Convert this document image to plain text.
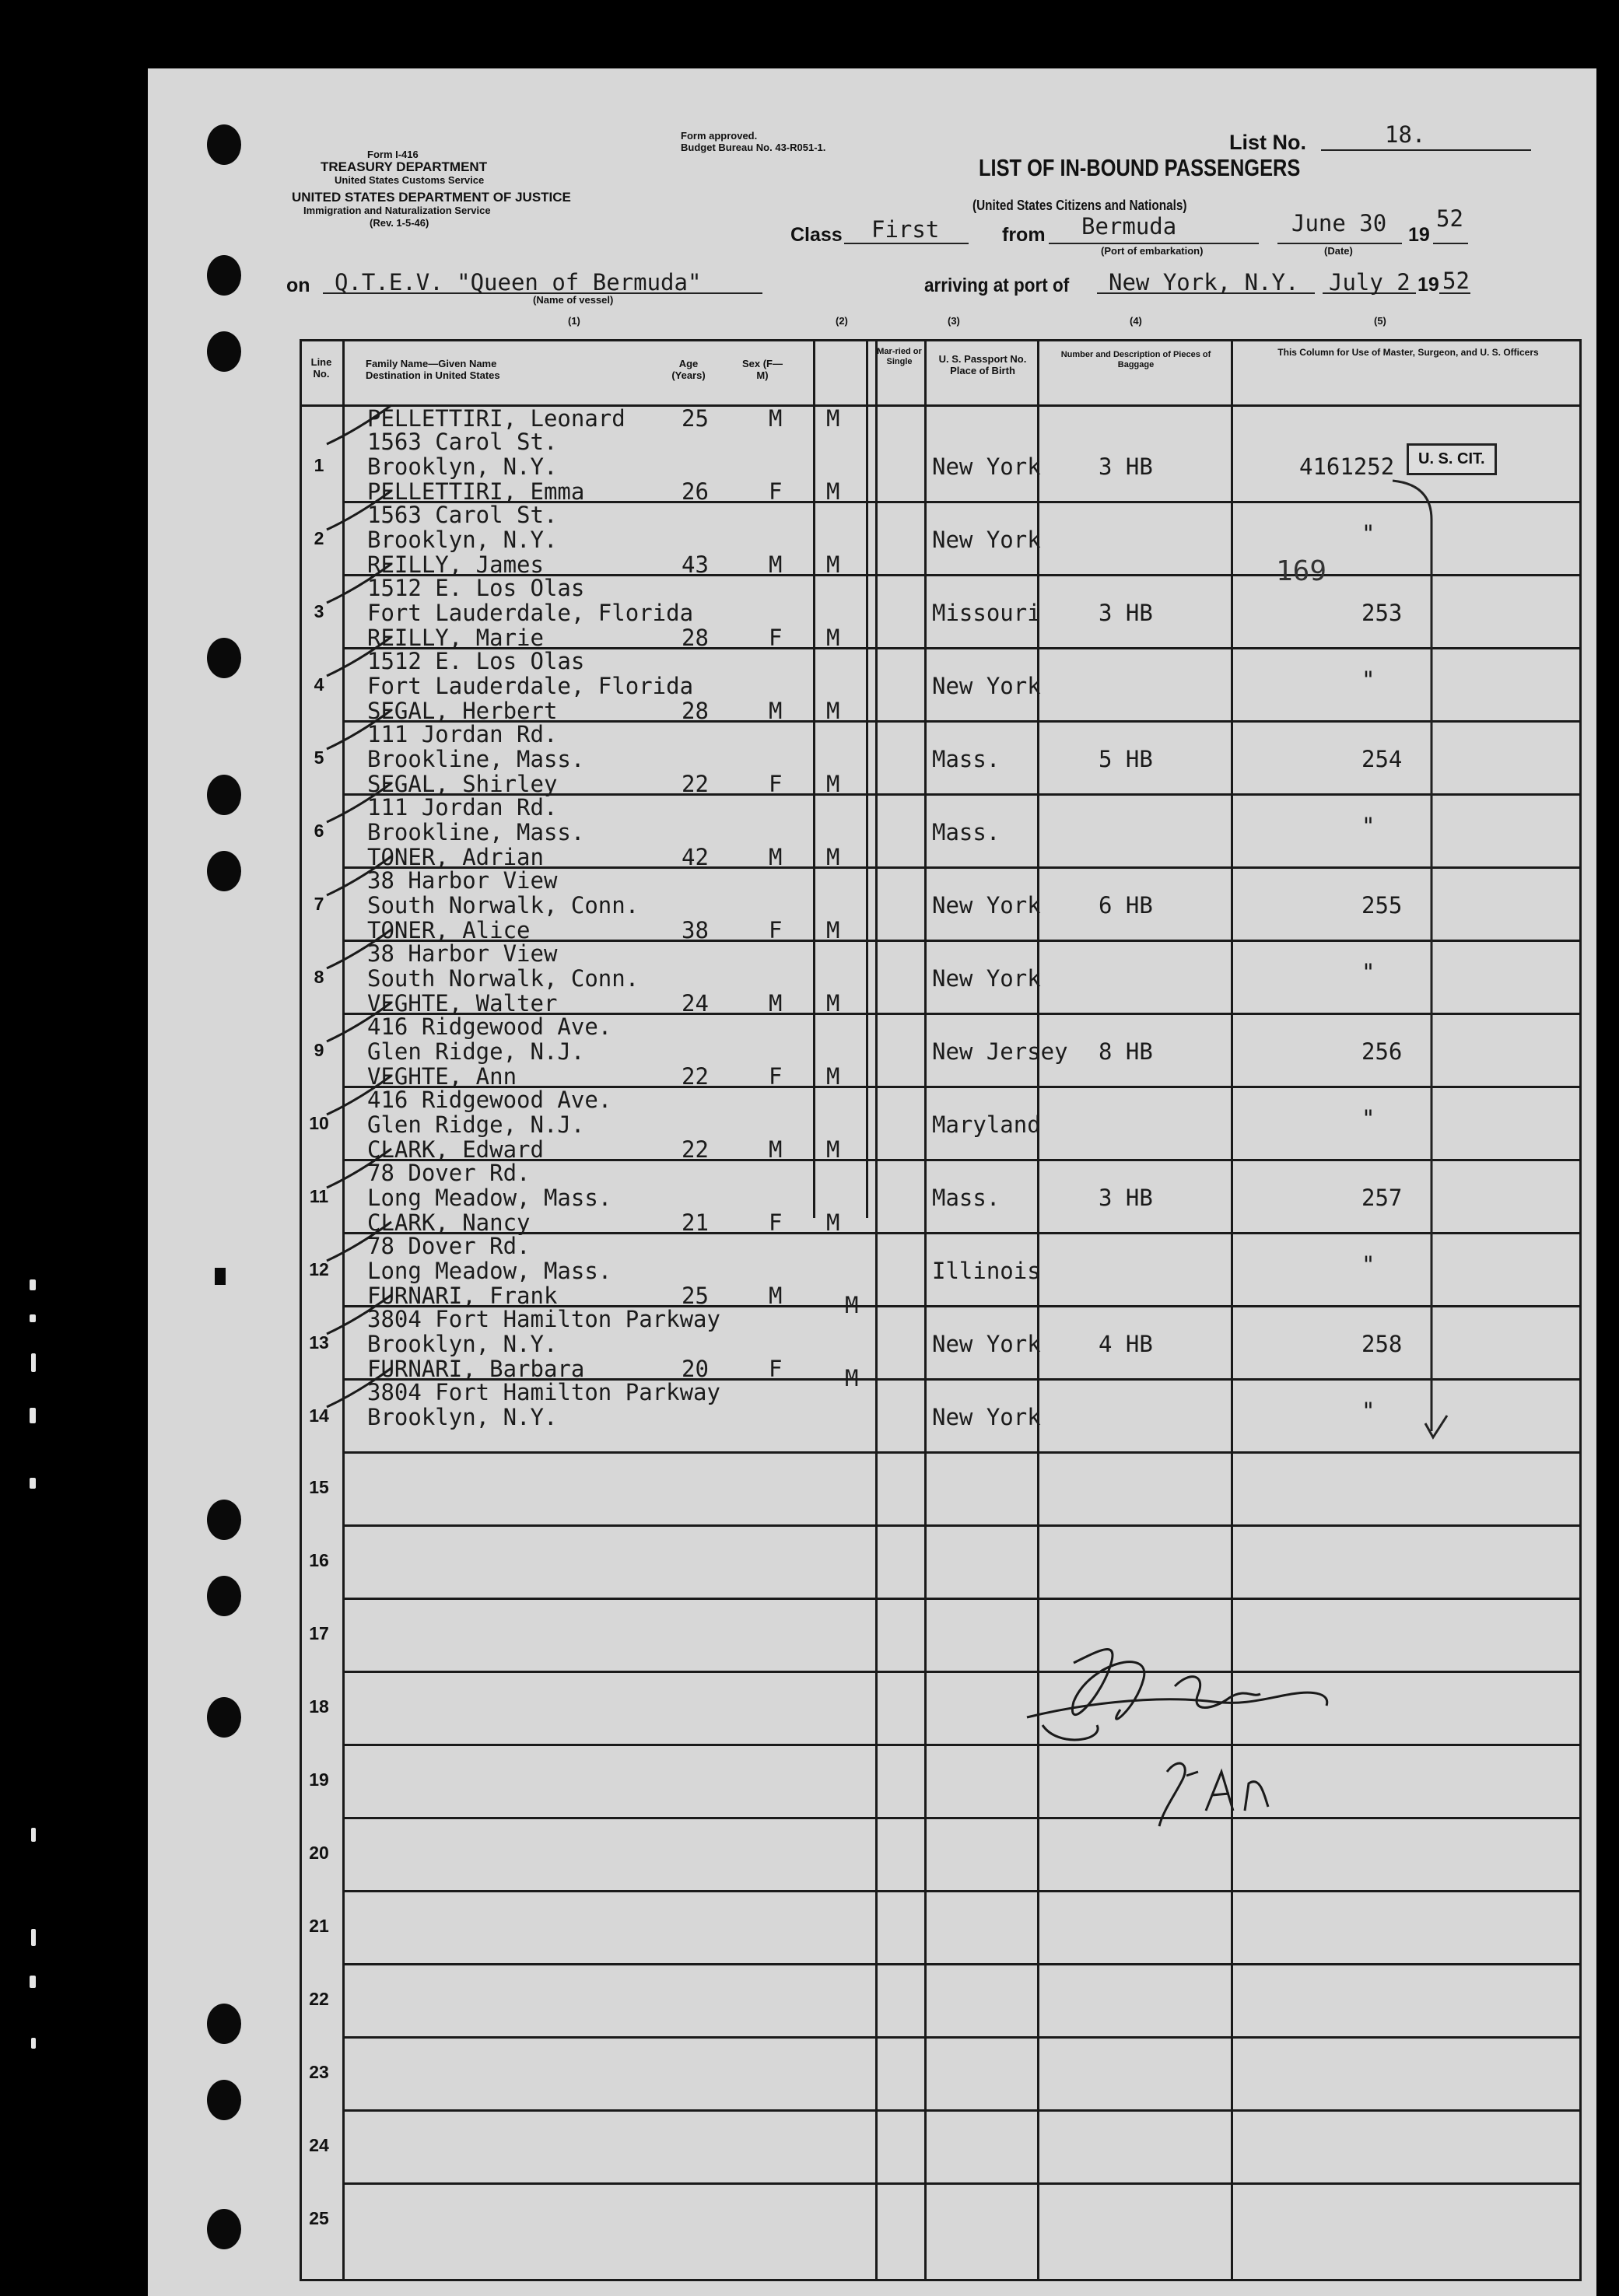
Form I-416
TREASURY DEPARTMENT
United States Customs Service
UNITED STATES DEPARTMENT OF JUSTICE
Immigration and Naturalization Service
(Rev. 1-5-46)
Form approved.
Budget Bureau No. 43-R051-1.
LIST OF IN-BOUND PASSENGERS
(United States Citizens and Nationals)
List No.	18.
Class First	from Bermuda
(Port of embarkation)
June 30 19
52
(Date)
on Q.T.E.V. "Queen of Bermuda"
(Name of vessel)
arriving at port of New York, N.Y. July 2 19 52
(1)	(2)	(3)	(4)	(5)
Line No.
Family Name—Given Name Destination in United States
Age (Years)
Sex (F—M)
Mar-ried or Single	U. S. Passport No. Place of Birth
Number and Description of Pieces of Baggage
This Column for Use of Master, Surgeon, and U. S. Officers
1
PELLETTIRI, Leonard
1563 Carol St.
Brooklyn, N.Y.
25	M M
New York	3 HB	4161252
2
PELLETTIRI, Emma
1563 Carol St.
Brooklyn, N.Y.
26	F M
New York	"
3
REILLY, James
1512 E. Los Olas
Fort Lauderdale, Florida
43	M M
Missouri	3 HB	253
4
REILLY, Marie
1512 E. Los Olas
Fort Lauderdale, Florida
28	F M
New York	"
5
SEGAL, Herbert
111 Jordan Rd.
Brookline, Mass.
28	M M
Mass.	5 HB	254
6
SEGAL, Shirley
111 Jordan Rd.
Brookline, Mass.
22	F M
Mass.	"
7
TONER, Adrian
38 Harbor View
South Norwalk, Conn.
42	M M
New York	6 HB	255
8
TONER, Alice
38 Harbor View
South Norwalk, Conn.
38	F M
New York	"
9
VEGHTE, Walter
416 Ridgewood Ave.
Glen Ridge, N.J.
24	M M
New Jersey 8 HB	256
10
VEGHTE, Ann
416 Ridgewood Ave.
Glen Ridge, N.J.
22	F M
Maryland	"
11
CLARK, Edward
78 Dover Rd.
Long Meadow, Mass.
22	M M
Mass.	3 HB	257
12
CLARK, Nancy
78 Dover Rd.
Long Meadow, Mass.
21	F M
Illinois	"
13
FURNARI, Frank
3804 Fort Hamilton Parkway
Brooklyn, N.Y.
25	M	M
New York	4 HB	258
14
FURNARI, Barbara
3804 Fort Hamilton Parkway
Brooklyn, N.Y.
20	F	M
New York	"
15
16
17
18
19
20
21
22
23
24
25
U. S. CIT.
169
